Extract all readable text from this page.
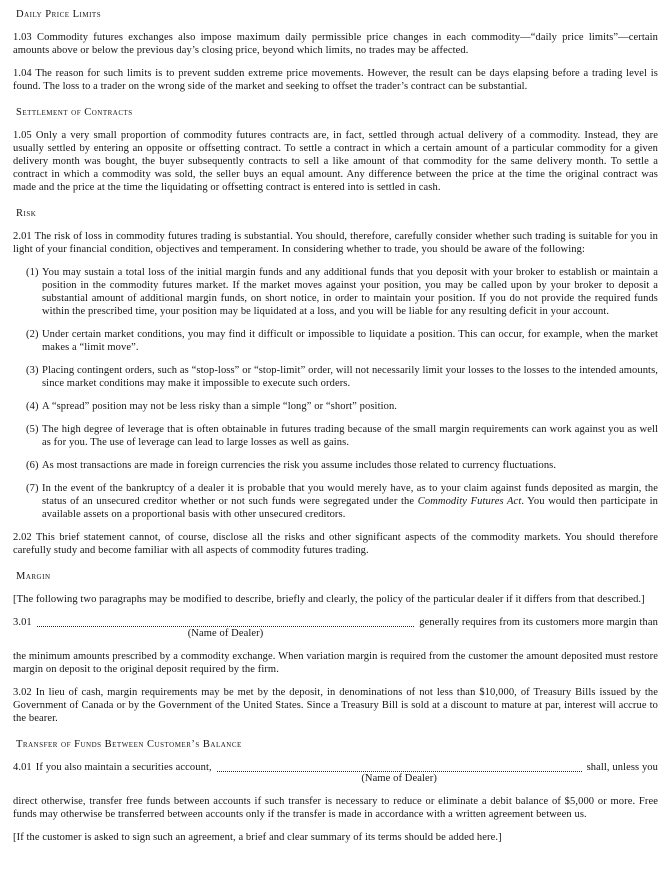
Daily Price Limits

1.03 Commodity futures exchanges also impose maximum daily permissible price changes in each commodity—“daily price limits”—certain amounts above or below the previous day’s closing price, beyond which limits, no trades may be affected.

1.04 The reason for such limits is to prevent sudden extreme price movements. However, the result can be days elapsing before a trading level is found. The loss to a trader on the wrong side of the market and seeking to offset the trader’s contract can be substantial.

Settlement of Contracts

1.05 Only a very small proportion of commodity futures contracts are, in fact, settled through actual delivery of a commodity. Instead, they are usually settled by entering an opposite or offsetting contract. To settle a contract in which a certain amount of a particular commodity for a given delivery month was bought, the buyer subsequently contracts to sell a like amount of that commodity for the same delivery month. To settle a contract in which a commodity was sold, the seller buys an equal amount. Any difference between the price at the time the original contract was made and the price at the time the liquidating or offsetting contract is entered into is settled in cash.

Risk

2.01 The risk of loss in commodity futures trading is substantial. You should, therefore, carefully consider whether such trading is suitable for you in light of your financial condition, objectives and temperament. In considering whether to trade, you should be aware of the following:

(1) You may sustain a total loss of the initial margin funds and any additional funds that you deposit with your broker to establish or maintain a position in the commodity futures market. If the market moves against your position, you may be called upon by your broker to deposit a substantial amount of additional margin funds, on short notice, in order to maintain your position. If you do not provide the required funds within the prescribed time, your position may be liquidated at a loss, and you will be liable for any resulting deficit in your account.
(2) Under certain market conditions, you may find it difficult or impossible to liquidate a position. This can occur, for example, when the market makes a “limit move”.
(3) Placing contingent orders, such as “stop-loss” or “stop-limit” order, will not necessarily limit your losses to the losses to the intended amounts, since market conditions may make it impossible to execute such orders.
(4) A “spread” position may not be less risky than a simple “long” or “short” position.
(5) The high degree of leverage that is often obtainable in futures trading because of the small margin requirements can work against you as well as for you. The use of leverage can lead to large losses as well as gains.
(6) As most transactions are made in foreign currencies the risk you assume includes those related to currency fluctuations.
(7) In the event of the bankruptcy of a dealer it is probable that you would merely have, as to your claim against funds deposited as margin, the status of an unsecured creditor whether or not such funds were segregated under the Commodity Futures Act. You would then participate in available assets on a proportional basis with other unsecured creditors.

2.02 This brief statement cannot, of course, disclose all the risks and other significant aspects of the commodity markets. You should therefore carefully study and become familiar with all aspects of commodity futures trading.

Margin

[The following two paragraphs may be modified to describe, briefly and clearly, the policy of the particular dealer if it differs from that described.]

3.01
(Name of Dealer)
generally requires from its customers more margin than

the minimum amounts prescribed by a commodity exchange. When variation margin is required from the customer the amount deposited must restore margin on deposit to the original deposit required by the firm.

3.02 In lieu of cash, margin requirements may be met by the deposit, in denominations of not less than $10,000, of Treasury Bills issued by the Government of Canada or by the Government of the United States. Since a Treasury Bill is sold at a discount to mature at par, interest will accrue to the bearer.

Transfer of Funds Between Customer’s Balance
4.01 If you also maintain a securities account,
(Name of Dealer)
shall, unless you

direct otherwise, transfer free funds between accounts if such transfer is necessary to reduce or eliminate a debit balance of $5,000 or more. Free funds may otherwise be transferred between accounts only if the transfer is made in accordance with a written agreement between us.

[If the customer is asked to sign such an agreement, a brief and clear summary of its terms should be added here.]
